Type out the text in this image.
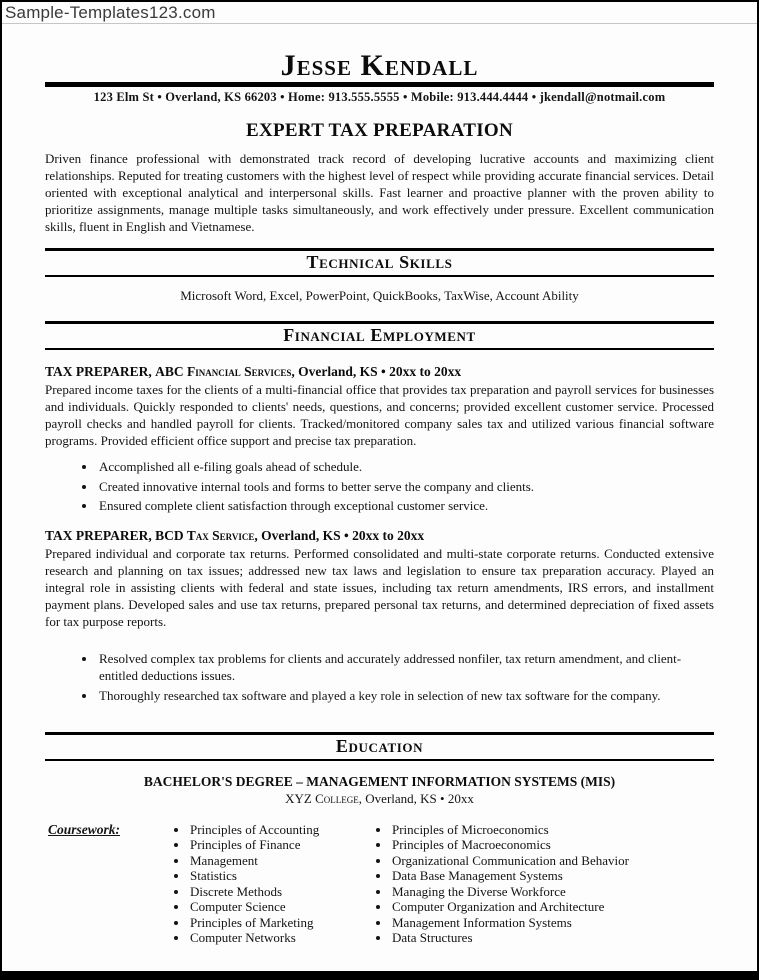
Sample-Templates123.com
Jesse Kendall
123 Elm St • Overland, KS 66203 • Home: 913.555.5555 • Mobile: 913.444.4444 • jkendall@notmail.com
EXPERT TAX PREPARATION
Driven finance professional with demonstrated track record of developing lucrative accounts and maximizing client relationships. Reputed for treating customers with the highest level of respect while providing accurate financial services. Detail oriented with exceptional analytical and interpersonal skills. Fast learner and proactive planner with the proven ability to prioritize assignments, manage multiple tasks simultaneously, and work effectively under pressure. Excellent communication skills, fluent in English and Vietnamese.
Technical Skills
Microsoft Word, Excel, PowerPoint, QuickBooks, TaxWise, Account Ability
Financial Employment
TAX PREPARER, ABC Financial Services, Overland, KS • 20xx to 20xx
Prepared income taxes for the clients of a multi-financial office that provides tax preparation and payroll services for businesses and individuals. Quickly responded to clients' needs, questions, and concerns; provided excellent customer service. Processed payroll checks and handled payroll for clients. Tracked/monitored company sales tax and utilized various financial software programs. Provided efficient office support and precise tax preparation.
• Accomplished all e-filing goals ahead of schedule.
• Created innovative internal tools and forms to better serve the company and clients.
• Ensured complete client satisfaction through exceptional customer service.
TAX PREPARER, BCD Tax Service, Overland, KS • 20xx to 20xx
Prepared individual and corporate tax returns. Performed consolidated and multi-state corporate returns. Conducted extensive research and planning on tax issues; addressed new tax laws and legislation to ensure tax preparation accuracy. Played an integral role in assisting clients with federal and state issues, including tax return amendments, IRS errors, and installment payment plans. Developed sales and use tax returns, prepared personal tax returns, and determined depreciation of fixed assets for tax purpose reports.
• Resolved complex tax problems for clients and accurately addressed nonfiler, tax return amendment, and client-entitled deductions issues.
• Thoroughly researched tax software and played a key role in selection of new tax software for the company.
Education
BACHELOR'S DEGREE – MANAGEMENT INFORMATION SYSTEMS (MIS)
XYZ College, Overland, KS • 20xx
Coursework:	• Principles of Accounting
• Principles of Finance
• Management
• Statistics
• Discrete Methods
• Computer Science
• Principles of Marketing
• Computer Networks
• Principles of Microeconomics
• Principles of Macroeconomics
• Organizational Communication and Behavior
• Data Base Management Systems
• Managing the Diverse Workforce
• Computer Organization and Architecture
• Management Information Systems
• Data Structures
